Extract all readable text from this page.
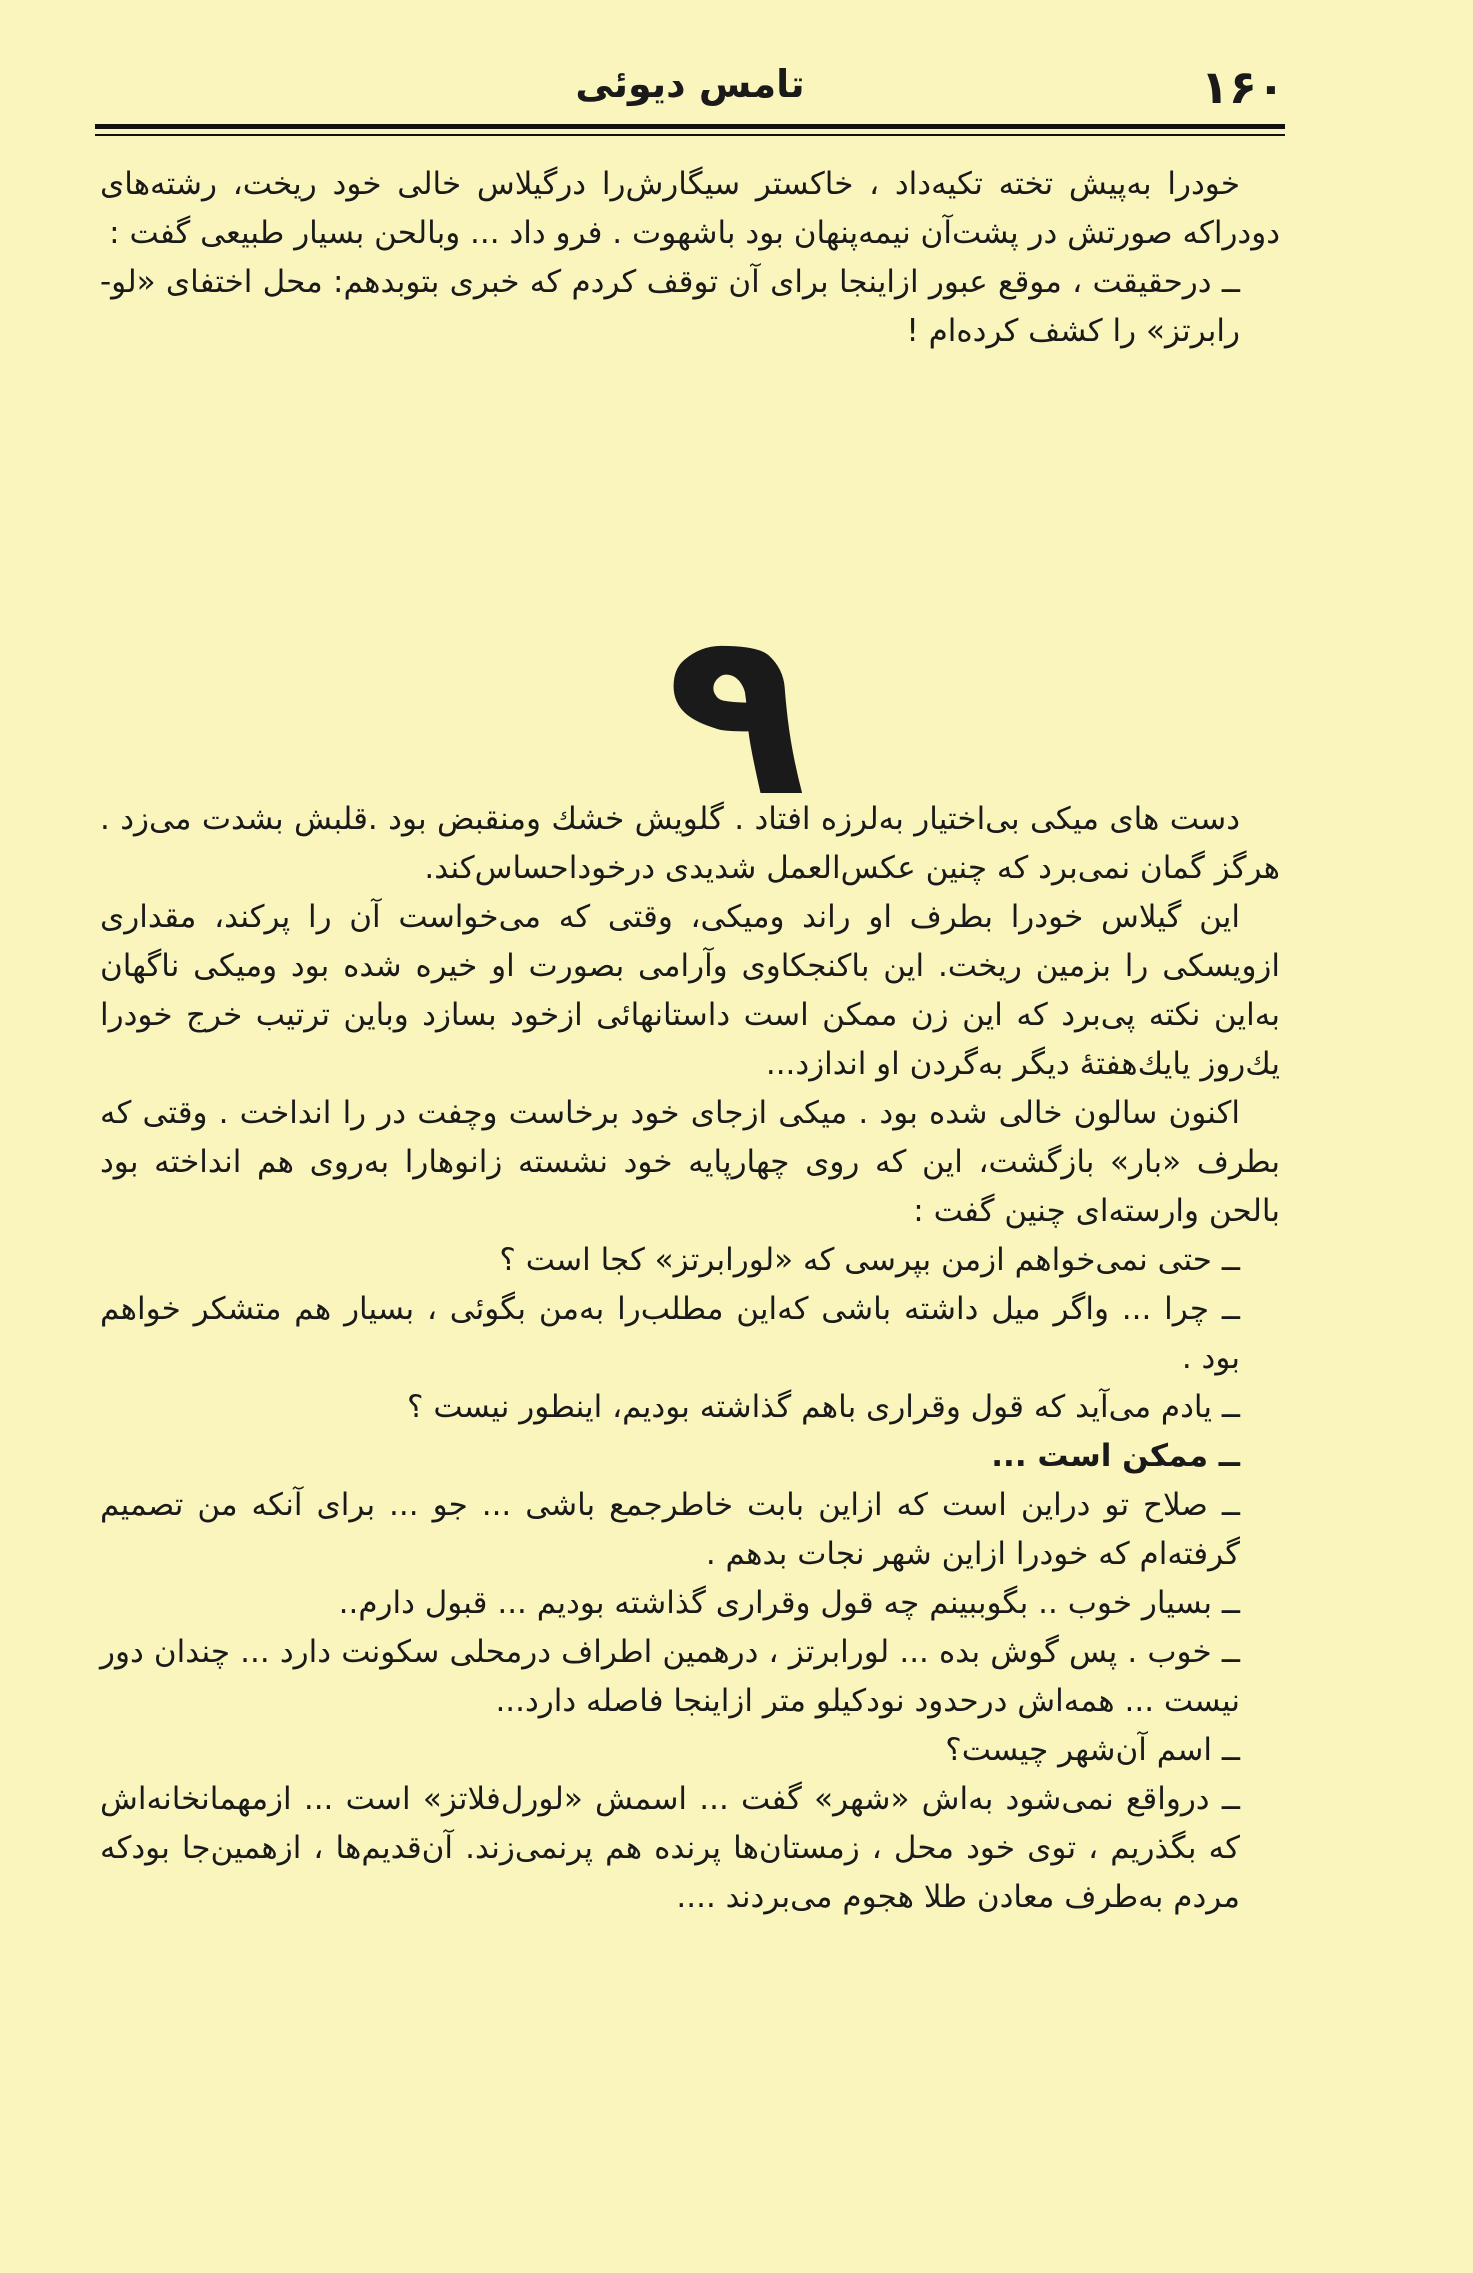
۱۶۰
تامس دیوئی

خودرا به‌پیش تخته تکیه‌داد ، خاکستر سیگارش‌را درگیلاس خالی خود ریخت، رشته‌های دودراکه صورتش در پشت‌آن نیمه‌پنهان بود باشهوت . فرو داد ... وبالحن بسیار طبیعی گفت :

ــ درحقیقت ، موقع عبور ازاینجا برای آن توقف کردم که خبری بتوبدهم: محل اختفای «لو-رابرتز» را کشف کرده‌ام !

۹

دست های میکی بی‌اختیار به‌لرزه افتاد . گلویش خشك ومنقبض بود .قلبش بشدت می‌زد . هرگز گمان نمی‌برد که چنین عکس‌العمل شدیدی درخوداحساس‌کند.

این گیلاس خودرا بطرف او راند ومیکی، وقتی که می‌خواست آن را پرکند، مقداری ازویسکی را بزمین ریخت. این باکنجکاوی وآرامی بصورت او خیره شده بود ومیکی ناگهان به‌این نکته پی‌برد که این زن ممکن است داستانهائی ازخود بسازد وباین ترتیب خرج خودرا یك‌روز یایك‌هفتهٔ دیگر به‌گردن او اندازد...

اکنون سالون خالی شده بود . میکی ازجای خود برخاست وچفت در را انداخت . وقتی که بطرف «بار» بازگشت، این که روی چهارپایه خود نشسته زانوهارا به‌روی هم انداخته بود بالحن وارسته‌ای چنین گفت :

ــ حتی نمی‌خواهم ازمن بپرسی که «لورابرتز» کجا است ؟

ــ چرا ... واگر میل داشته باشی که‌این مطلب‌را به‌من بگوئی ، بسیار هم متشکر خواهم بود .

ــ یادم می‌آید که قول وقراری باهم گذاشته بودیم، اینطور نیست ؟

ــ ممکن است ...

ــ صلاح تو دراین است که ازاین بابت خاطرجمع باشی ... جو ... برای آنکه من تصمیم گرفته‌ام که خودرا ازاین شهر نجات بدهم .

ــ بسیار خوب .. بگوببینم چه قول وقراری گذاشته بودیم ... قبول دارم..

ــ خوب . پس گوش بده ... لورابرتز ، درهمین اطراف درمحلی سکونت دارد ... چندان دور نیست ... همه‌اش درحدود نودکیلو متر ازاینجا فاصله دارد...

ــ اسم آن‌شهر چیست؟

ــ درواقع نمی‌شود به‌اش «شهر» گفت ... اسمش «لورل‌فلاتز» است ... ازمهمانخانه‌اش که بگذریم ، توی خود محل ، زمستان‌ها پرنده هم پرنمی‌زند. آن‌قدیم‌ها ، ازهمین‌جا بودکه مردم به‌طرف معادن طلا هجوم می‌بردند ....
